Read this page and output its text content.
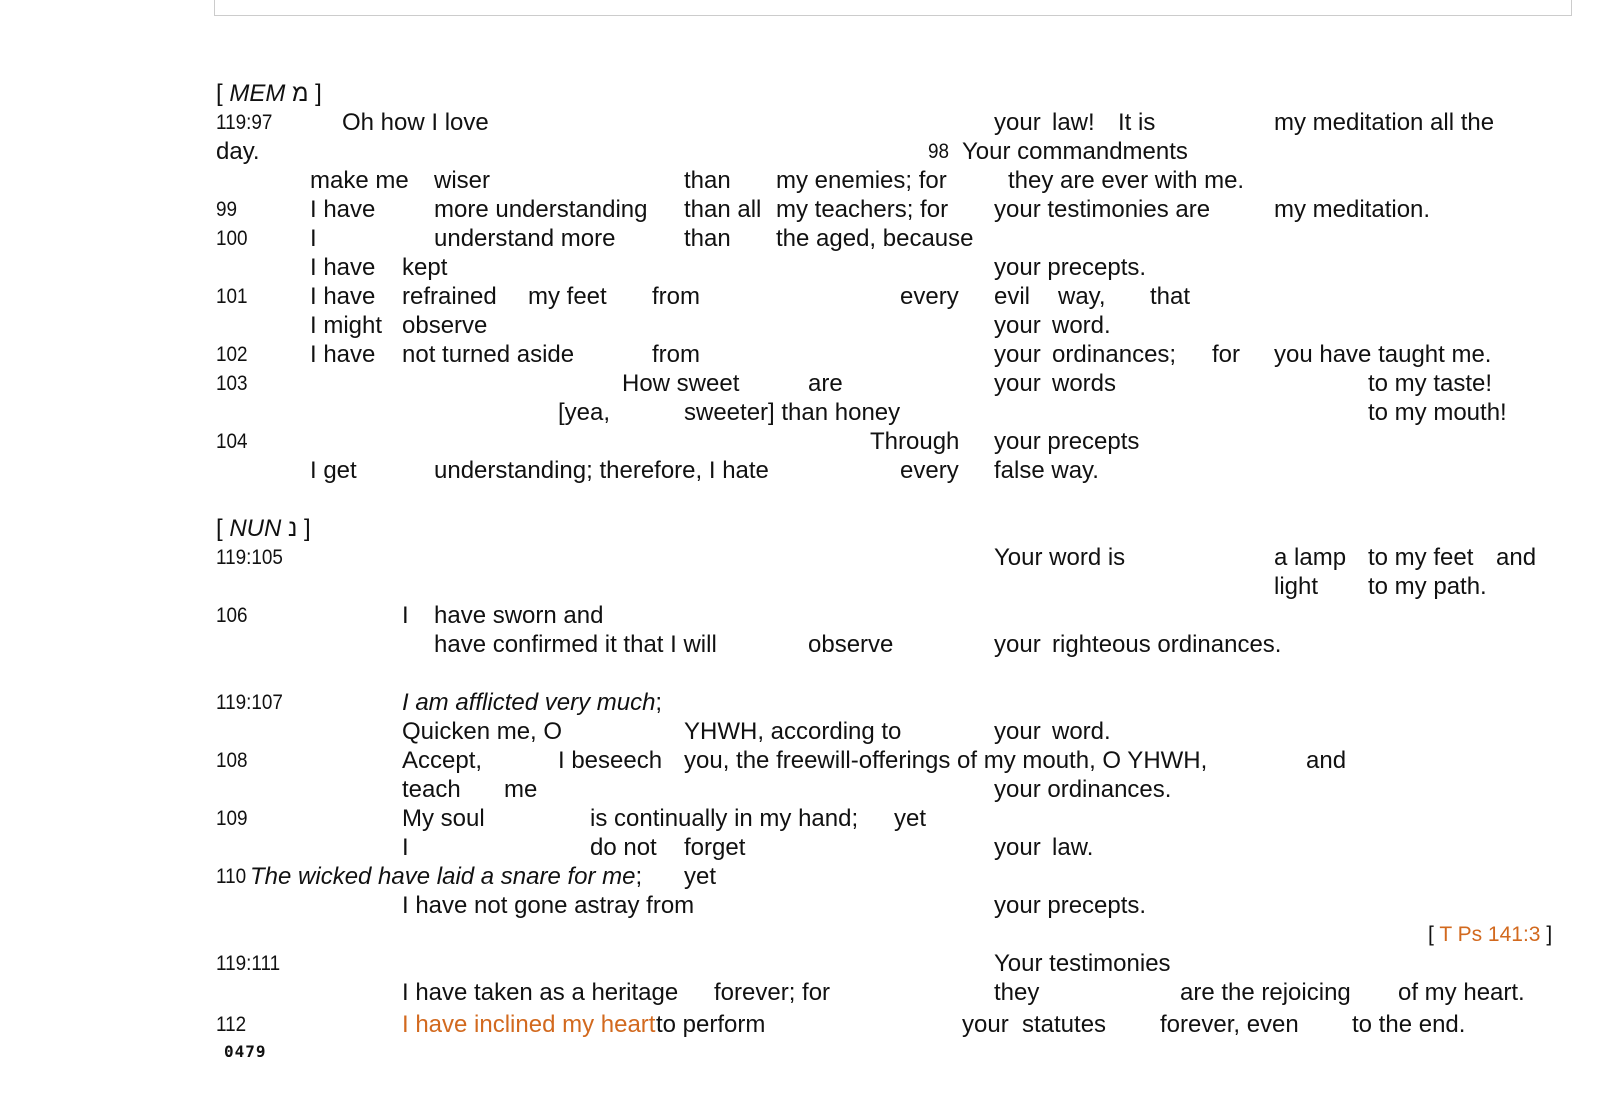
[ MEM מ ]
119:97	Oh how I love	your law! It is	my meditation all the
day.	98 Your commandments
make me wiser	than my enemies; for	they are ever with me.
99	I have more understanding than all my teachers; for your testimonies are	my meditation.
100	I	understand more	than the aged, because
I have kept	your precepts.
101	I have refrained my feet from	every evil way, that
I might observe	your word.
102	I have not turned aside	from	your ordinances; for you have taught me.
103	How sweet	are	your words	to my taste!
[yea,	sweeter] than honey	to my mouth!
104	Through your precepts
I get	understanding; therefore, I hate	every false way.
[ NUN נ ]
119:105	Your word is	a lamp to my feet and
light to my path.
106	I have sworn and
have confirmed it that I will	observe	your righteous ordinances.
119:107	I am afflicted very much;
Quicken me, O	YHWH, according to	your word.
108	Accept,	I beseech you, the freewill-offerings of my mouth, O YHWH,	and
teach me	your ordinances.
109	My soul	is continually in my hand; yet
I	do not forget	your law.
110 The wicked have laid a snare for me; yet
I have not gone astray from	your precepts.
[ T Ps 141:3 ]
119:111	Your testimonies
I have taken as a heritage forever; for	they	are the rejoicing of my heart.
112	I have inclined my heart to perform	your statutes forever, even to the end.
0479
